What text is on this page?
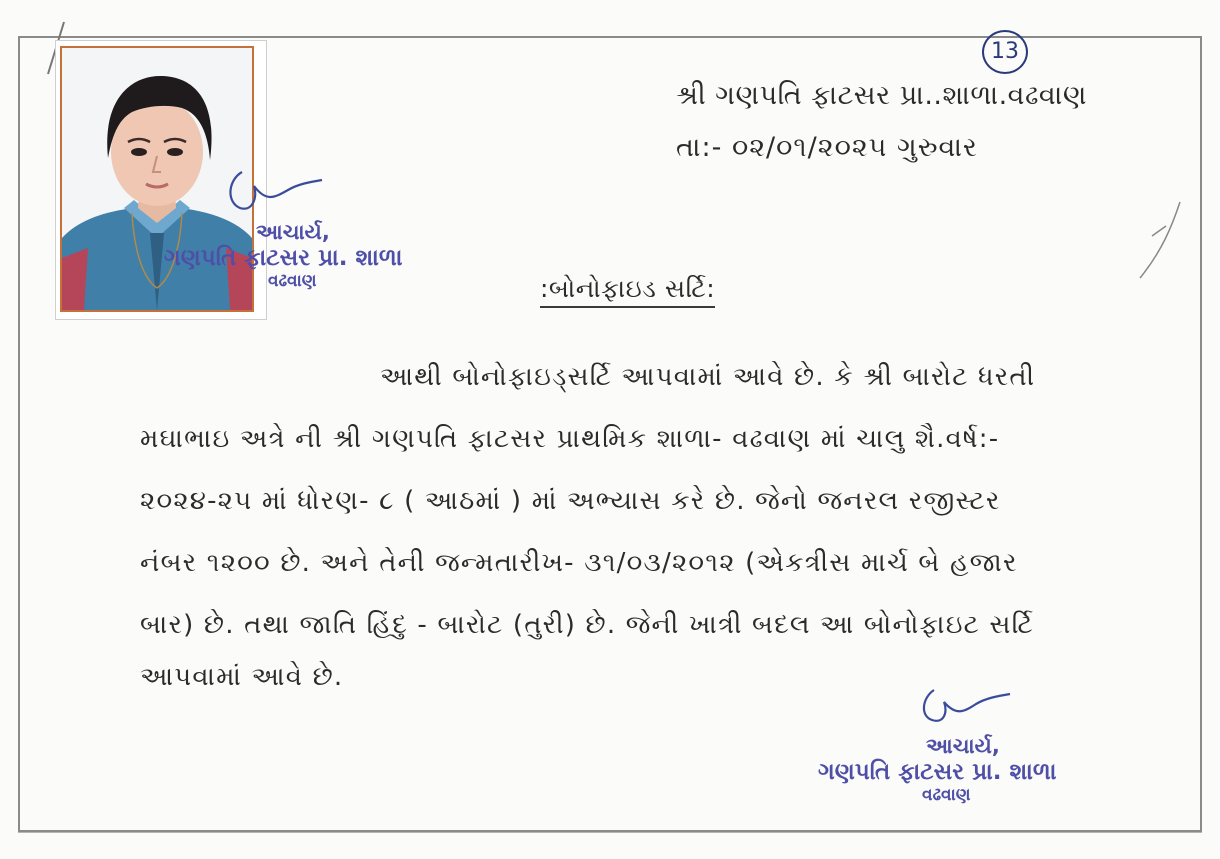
આચાર્ય,
ગણપતિ ફાટસર પ્રા. શાળા
વઢવાણ
13
શ્રી ગણપતિ ફાટસર પ્રા..શાળા.વઢવાણ
તા:- ૦૨/૦૧/૨૦૨૫ ગુરુવાર
:બોનોફાઇડ સર્ટિ:
આથી બોનોફાઇડ્સર્ટિ આપવામાં આવે છે. કે શ્રી બારોટ ધરતી
મઘાભાઇ અત્રે ની શ્રી ગણપતિ ફાટસર પ્રાથમિક શાળા- વઢવાણ માં ચાલુ શૈ.વર્ષ:-
૨૦૨૪-૨૫ માં ધોરણ- ૮ ( આઠમાં ) માં અભ્યાસ કરે છે. જેનો જનરલ રજીસ્ટર
નંબર ૧૨૦૦ છે. અને તેની જન્મતારીખ- ૩૧/૦૩/૨૦૧૨ (એકત્રીસ માર્ચ બે હજાર
બાર) છે. તથા જાતિ હિંદુ - બારોટ (તુરી) છે. જેની ખાત્રી બદલ આ બોનોફાઇટ સર્ટિ
આપવામાં આવે છે.
આચાર્ય,
ગણપતિ ફાટસર પ્રા. શાળા
વઢવાણ
